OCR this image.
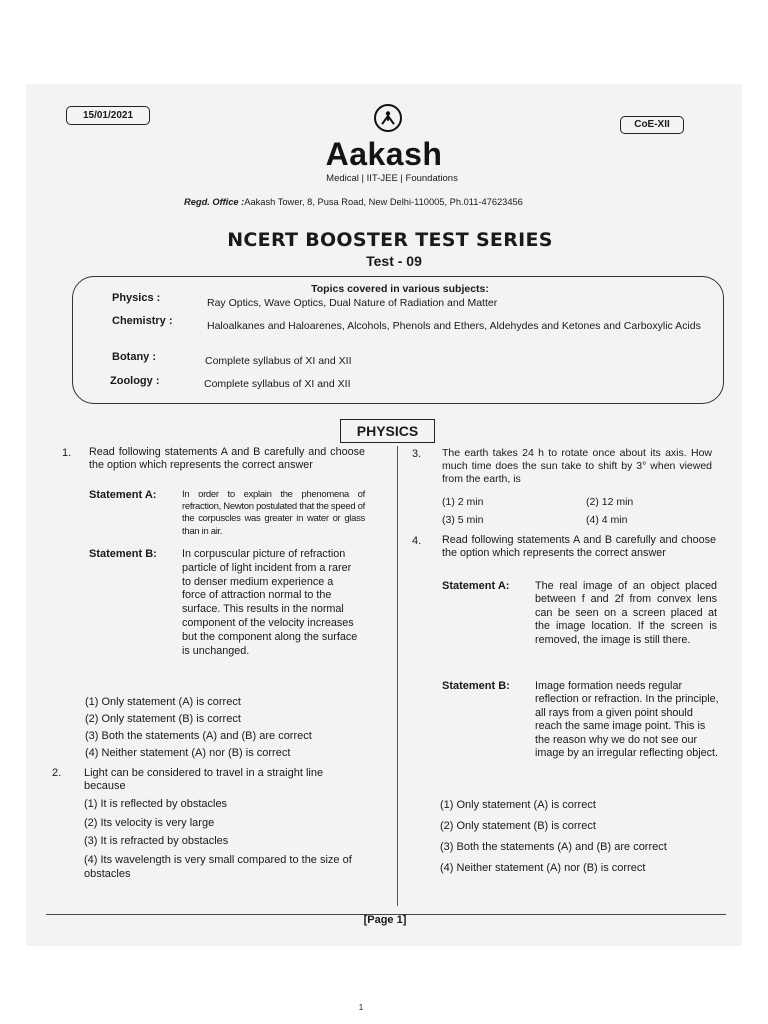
15/01/2021
CoE-XII
Aakash
Medical | IIT-JEE | Foundations
Regd. Office :Aakash Tower, 8, Pusa Road, New Delhi-110005, Ph.011-47623456
NCERT BOOSTER TEST SERIES
Test - 09
Topics covered in various subjects:
Physics :	Ray Optics, Wave Optics, Dual Nature of Radiation and Matter
Chemistry :	Haloalkanes and Haloarenes, Alcohols, Phenols and Ethers, Aldehydes and Ketones and Carboxylic Acids
Botany :	Complete syllabus of XI and XII
Zoology :	Complete syllabus of XI and XII
PHYSICS
1. Read following statements A and B carefully and choose the option which represents the correct answer
Statement A:	In order to explain the phenomena of refraction, Newton postulated that the speed of the corpuscles was greater in water or glass than in air.
Statement B: In corpuscular picture of refraction particle of light incident from a rarer to denser medium experience a force of attraction normal to the surface. This results in the normal component of the velocity increases but the component along the surface is unchanged.
(1) Only statement (A) is correct
(2) Only statement (B) is correct
(3) Both the statements (A) and (B) are correct
(4) Neither statement (A) nor (B) is correct
2. Light can be considered to travel in a straight line because
(1) It is reflected by obstacles
(2) Its velocity is very large
(3) It is refracted by obstacles
(4) Its wavelength is very small compared to the size of obstacles
3. The earth takes 24 h to rotate once about its axis. How much time does the sun take to shift by 3° when viewed from the earth, is
(1) 2 min	(2) 12 min
(3) 5 min	(4) 4 min
4. Read following statements A and B carefully and choose the option which represents the correct answer
Statement A: The real image of an object placed between f and 2f from convex lens can be seen on a screen placed at the image location. If the screen is removed, the image is still there.
Statement B: Image formation needs regular reflection or refraction. In the principle, all rays from a given point should reach the same image point. This is the reason why we do not see our image by an irregular reflecting object.
(1) Only statement (A) is correct
(2) Only statement (B) is correct
(3) Both the statements (A) and (B) are correct
(4) Neither statement (A) nor (B) is correct
[Page 1]
1
